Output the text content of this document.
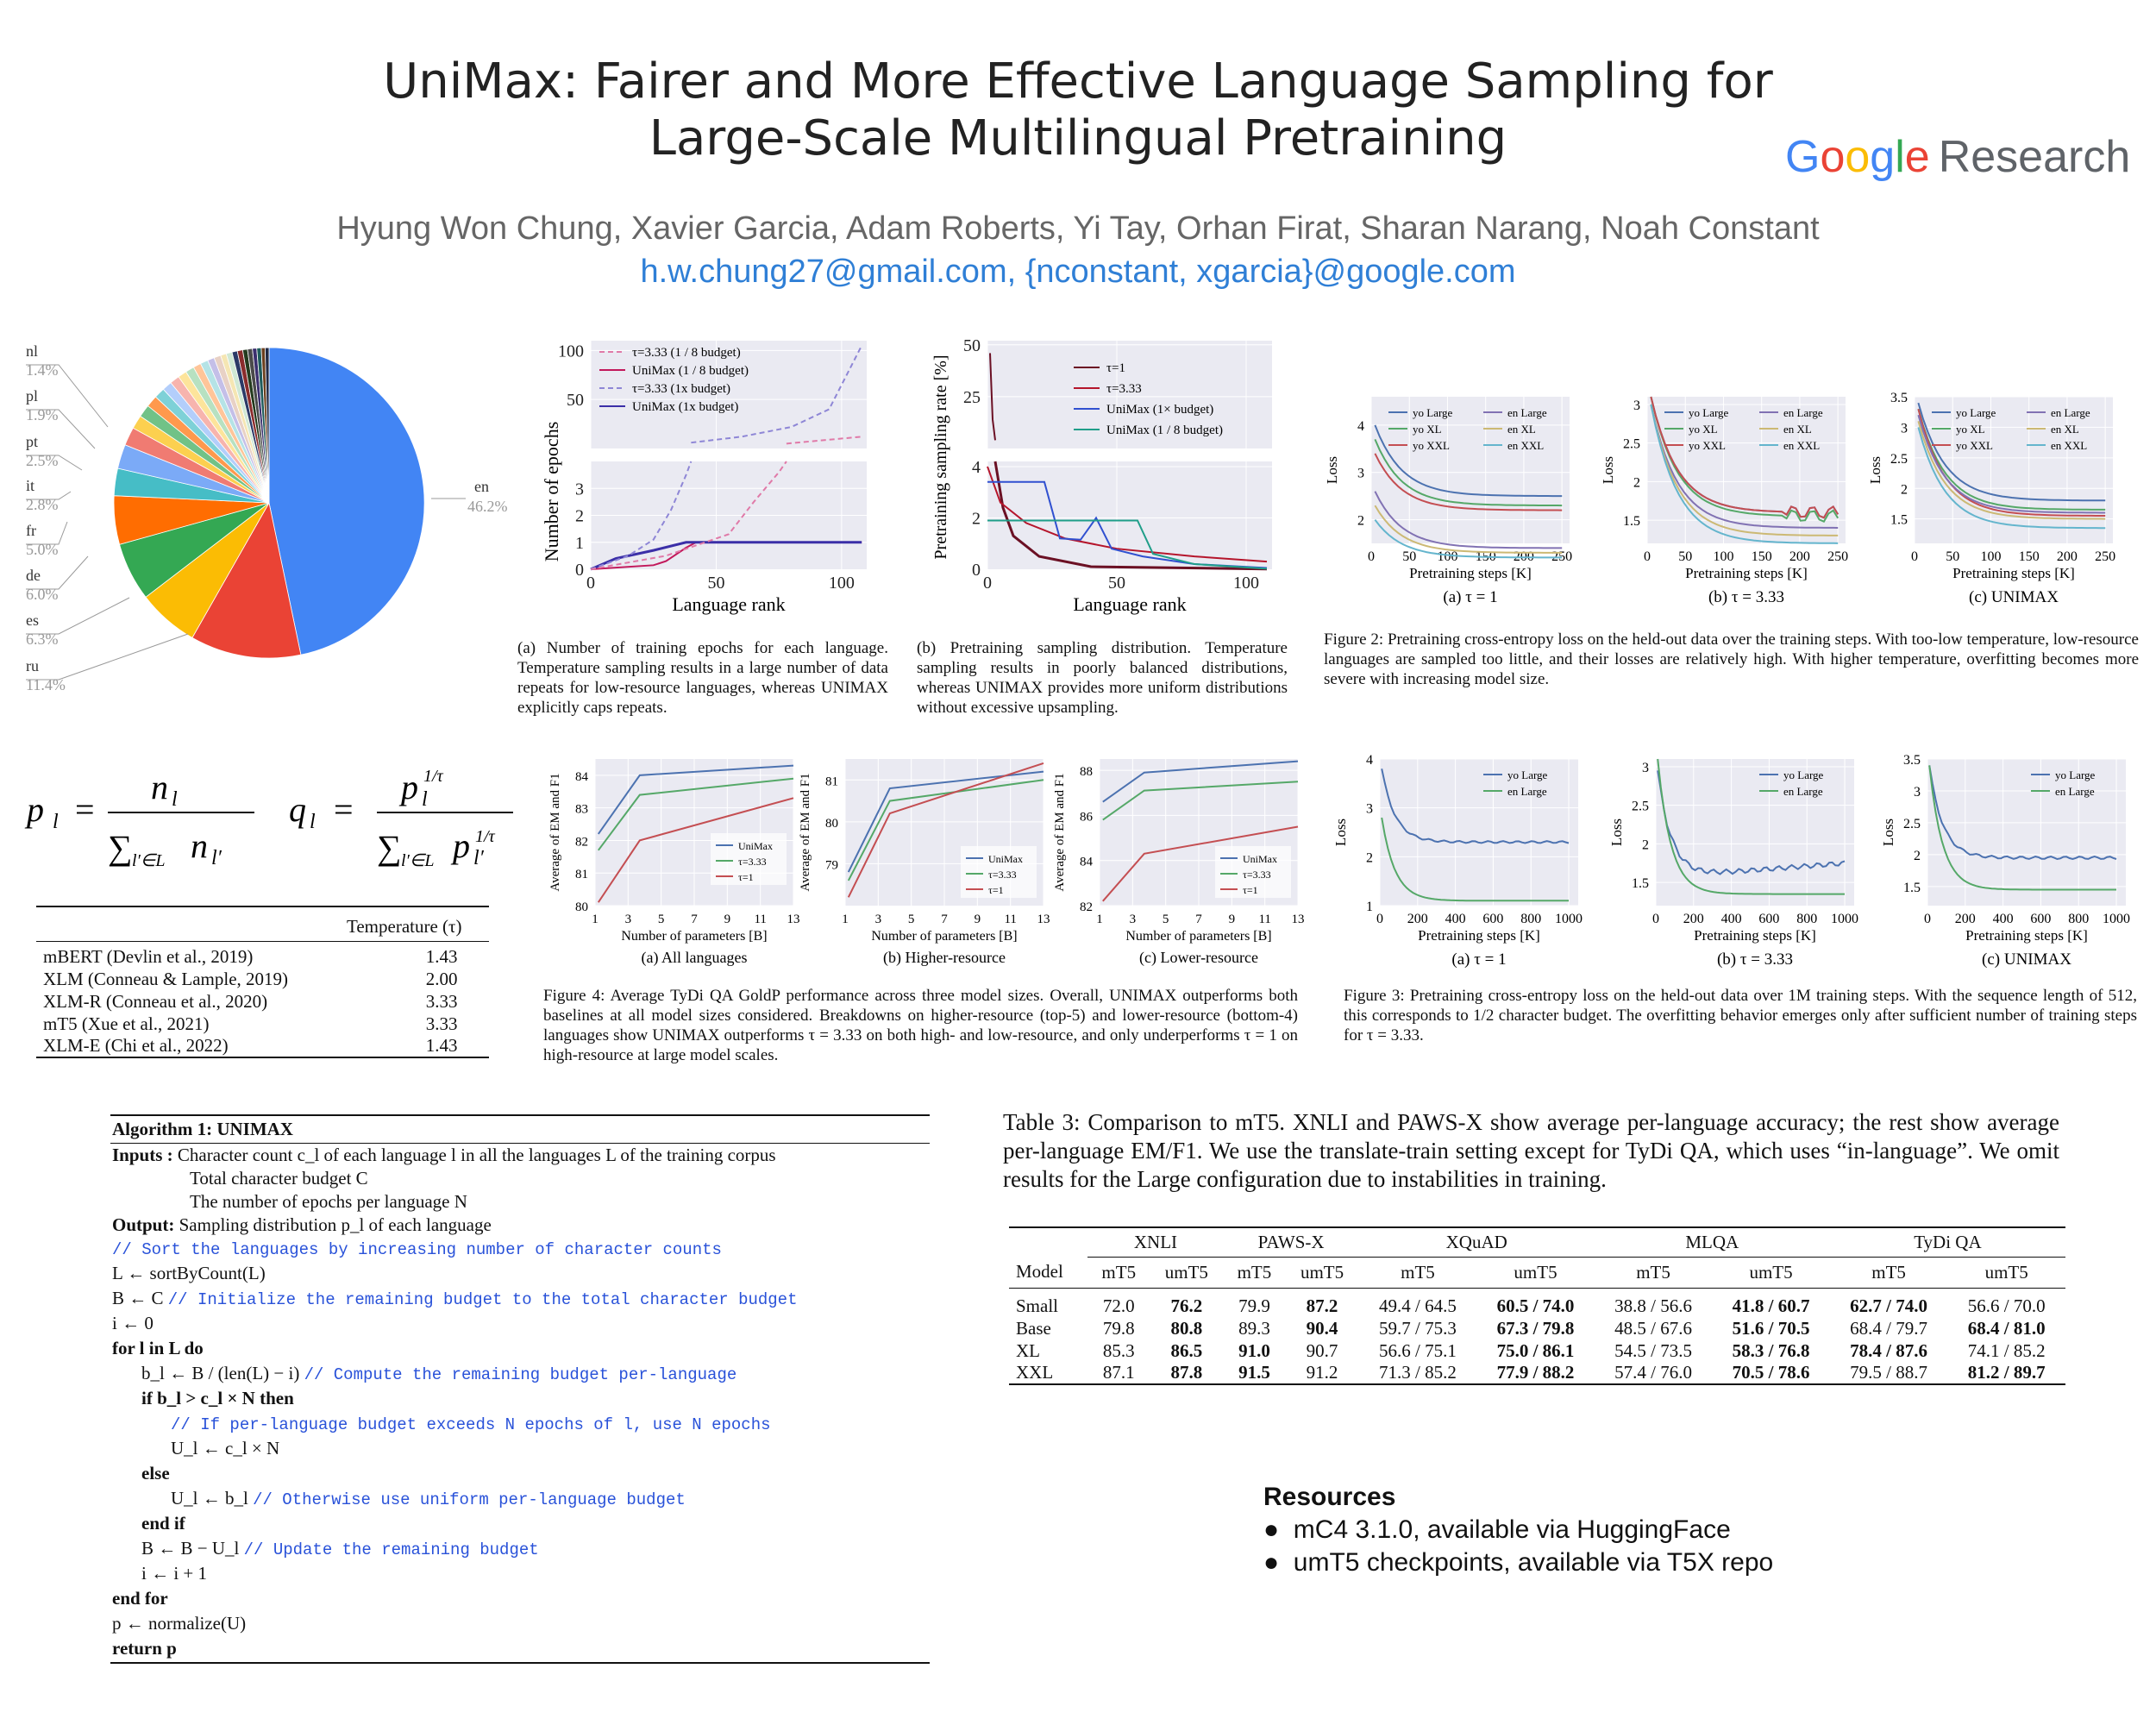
UniMax: Fairer and More Effective Language Sampling for
Large-Scale Multilingual Pretraining	Google Research
Hyung Won Chung, Xavier Garcia, Adam Roberts, Yi Tay, Orhan Firat, Sharan Narang, Noah Constant
h.w.chung27@gmail.com, {nconstant, xgarcia}@google.com
nl
1.4%
pl
1.9%
pt
2.5%
it
2.8%
fr
5.0%
de
6.0%
es
6.3%
ru
11.4%
en
46.2%
p l =
n l
∑ l′∈L n l′
q l =
p l
1/τ
∑ l′∈L p l′
1/τ
Temperature (τ)
mBERT (Devlin et al., 2019)	1.43
XLM (Conneau & Lample, 2019)	2.00
XLM-R (Conneau et al., 2020)	3.33
mT5 (Xue et al., 2021)	3.33
XLM-E (Chi et al., 2022)	1.43
50
100
0
1
2
3
0	50	100
Number of epochs
Language rank
τ=3.33 (1 / 8 budget)
UniMax (1 / 8 budget)
τ=3.33 (1x budget)
UniMax (1x budget)
(a) Number of training epochs for each language. Temperature sampling results in a large number of data repeats for low-resource languages, whereas UNIMAX explicitly caps repeats.
25
50
0
2
4
0	50	100
Pretraining sampling rate [%]
Language rank
τ=1
τ=3.33
UniMax (1× budget)
UniMax (1 / 8 budget)
(b) Pretraining sampling distribution. Temperature sampling results in poorly balanced distributions, whereas UNIMAX provides more uniform distributions without excessive upsampling.
2
3
4
0 50 100 150 200 250
Loss
Pretraining steps [K]
(a) τ = 1
yo Large
yo XL
yo XXL
en Large
en XL
en XXL
1.5
2
2.5
3
0 50 100 150 200 250
Loss
Pretraining steps [K]
(b) τ = 3.33
yo Large
yo XL
yo XXL
en Large
en XL
en XXL
1.5
2
2.5
3
3.5
0 50 100 150 200 250
Loss
Pretraining steps [K]
(c) UNIMAX
yo Large
yo XL
yo XXL
en Large
en XL
en XXL
Figure 2: Pretraining cross-entropy loss on the held-out data over the training steps. With too-low temperature, low-resource languages are sampled too little, and their losses are relatively high. With higher temperature, overfitting becomes more severe with increasing model size.
80
81
82
83
84
1 3 5 7 9 11 13
Average of EM and F1
Number of parameters [B]
(a) All languages
UniMax
τ=3.33
τ=1
79
80
81
1 3 5 7 9 11 13
Average of EM and F1
Number of parameters [B]
(b) Higher-resource
UniMax
τ=3.33
τ=1
82
84
86
88
1 3 5 7 9 11 13
Average of EM and F1
Number of parameters [B]
(c) Lower-resource
UniMax
τ=3.33
τ=1
Figure 4: Average TyDi QA GoldP performance across three model sizes. Overall, UNIMAX outperforms both baselines at all model sizes considered. Breakdowns on higher-resource (top-5) and lower-resource (bottom-4) languages show UNIMAX outperforms τ = 3.33 on both high- and low-resource, and only underperforms τ = 1 on high-resource at large model scales.
1
2
3
4
0 200 400 600 800 1000
Loss
Pretraining steps [K]
(a) τ = 1
yo Large
en Large
1.5
2
2.5
3
0 200 400 600 800 1000
Loss
Pretraining steps [K]
(b) τ = 3.33
yo Large
en Large
1.5
2
2.5
3
3.5
0 200 400 600 800 1000
Loss
Pretraining steps [K]
(c) UNIMAX
yo Large
en Large
Figure 3: Pretraining cross-entropy loss on the held-out data over 1M training steps. With the sequence length of 512, this corresponds to 1/2 character budget. The overfitting behavior emerges only after sufficient number of training steps for τ = 3.33.
Algorithm 1: UNIMAX
Inputs : Character count c_l of each language l in all the languages L of the training corpus
Total character budget C
The number of epochs per language N
Output: Sampling distribution p_l of each language
// Sort the languages by increasing number of character counts
L ← sortByCount(L)
B ← C // Initialize the remaining budget to the total character budget
i ← 0
for l in L do
b_l ← B / (len(L) − i) // Compute the remaining budget per-language
if b_l > c_l × N then
// If per-language budget exceeds N epochs of l, use N epochs
U_l ← c_l × N
else
U_l ← b_l // Otherwise use uniform per-language budget
end if
B ← B − U_l // Update the remaining budget
i ← i + 1
end for
p ← normalize(U)
return p
Table 3: Comparison to mT5. XNLI and PAWS-X show average per-language accuracy; the rest show average per-language EM/F1. We use the translate-train setting except for TyDi QA, which uses “in-language”. We omit results for the Large configuration due to instabilities in training.
	XNLI		PAWS-X		XQuAD		MLQA		TyDi QA	
Model	mT5	umT5	mT5	umT5	mT5	umT5	mT5	umT5	mT5	umT5
Small	72.0	76.2	79.9	87.2	49.4 / 64.5	60.5 / 74.0	38.8 / 56.6	41.8 / 60.7	62.7 / 74.0	56.6 / 70.0
Base	79.8	80.8	89.3	90.4	59.7 / 75.3	67.3 / 79.8	48.5 / 67.6	51.6 / 70.5	68.4 / 79.7	68.4 / 81.0
XL	85.3	86.5	91.0	90.7	56.6 / 75.1	75.0 / 86.1	54.5 / 73.5	58.3 / 76.8	78.4 / 87.6	74.1 / 85.2
XXL	87.1	87.8	91.5	91.2	71.3 / 85.2	77.9 / 88.2	57.4 / 76.0	70.5 / 78.6	79.5 / 88.7	81.2 / 89.7
Resources
●  mC4 3.1.0, available via HuggingFace
●  umT5 checkpoints, available via T5X repo
